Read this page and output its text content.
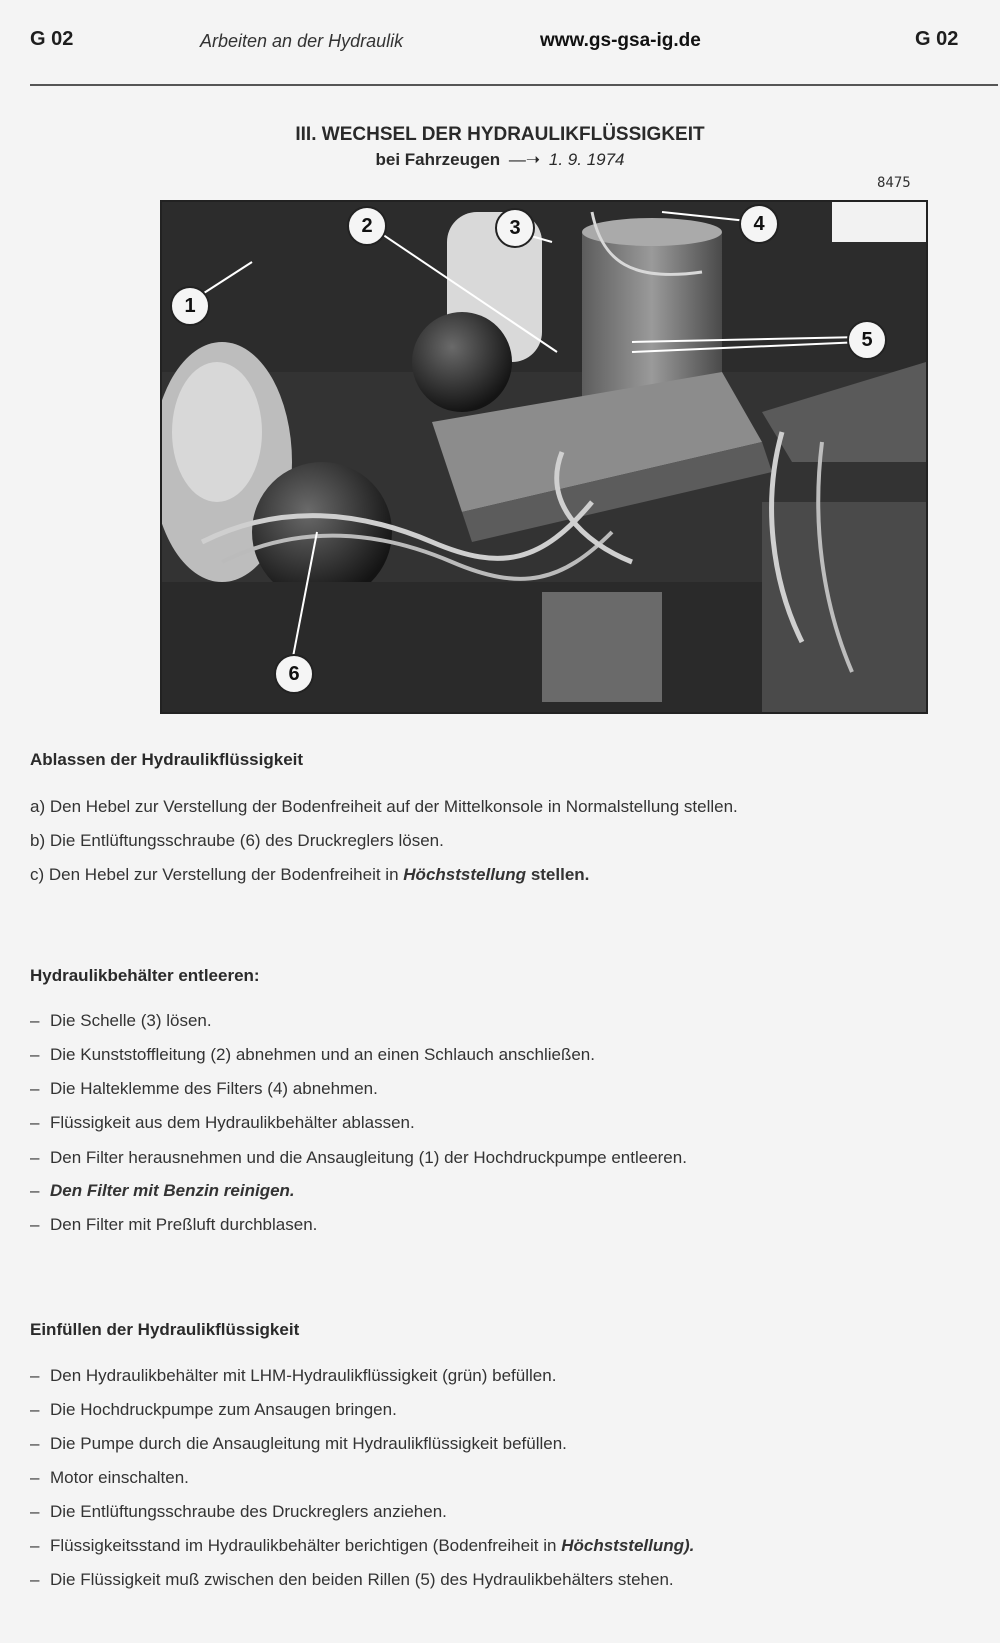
G 02	Arbeiten an der Hydraulik	www.gs-gsa-ig.de	G 02
III. WECHSEL DER HYDRAULIKFLÜSSIGKEIT
bei Fahrzeugen —➝ 1. 9. 1974
8475
1
2	3	4
5
6
Ablassen der Hydraulikflüssigkeit
a) Den Hebel zur Verstellung der Bodenfreiheit auf der Mittelkonsole in Normalstellung stellen.
b) Die Entlüftungsschraube (6) des Druckreglers lösen.
c) Den Hebel zur Verstellung der Bodenfreiheit in Höchststellung stellen.
Hydraulikbehälter entleeren:
– Die Schelle (3) lösen.
– Die Kunststoffleitung (2) abnehmen und an einen Schlauch anschließen.
– Die Halteklemme des Filters (4) abnehmen.
– Flüssigkeit aus dem Hydraulikbehälter ablassen.
– Den Filter herausnehmen und die Ansaugleitung (1) der Hochdruckpumpe entleeren.
– Den Filter mit Benzin reinigen.
– Den Filter mit Preßluft durchblasen.
Einfüllen der Hydraulikflüssigkeit
– Den Hydraulikbehälter mit LHM-Hydraulikflüssigkeit (grün) befüllen.
– Die Hochdruckpumpe zum Ansaugen bringen.
– Die Pumpe durch die Ansaugleitung mit Hydraulikflüssigkeit befüllen.
– Motor einschalten.
– Die Entlüftungsschraube des Druckreglers anziehen.
– Flüssigkeitsstand im Hydraulikbehälter berichtigen (Bodenfreiheit in Höchststellung).
– Die Flüssigkeit muß zwischen den beiden Rillen (5) des Hydraulikbehälters stehen.
